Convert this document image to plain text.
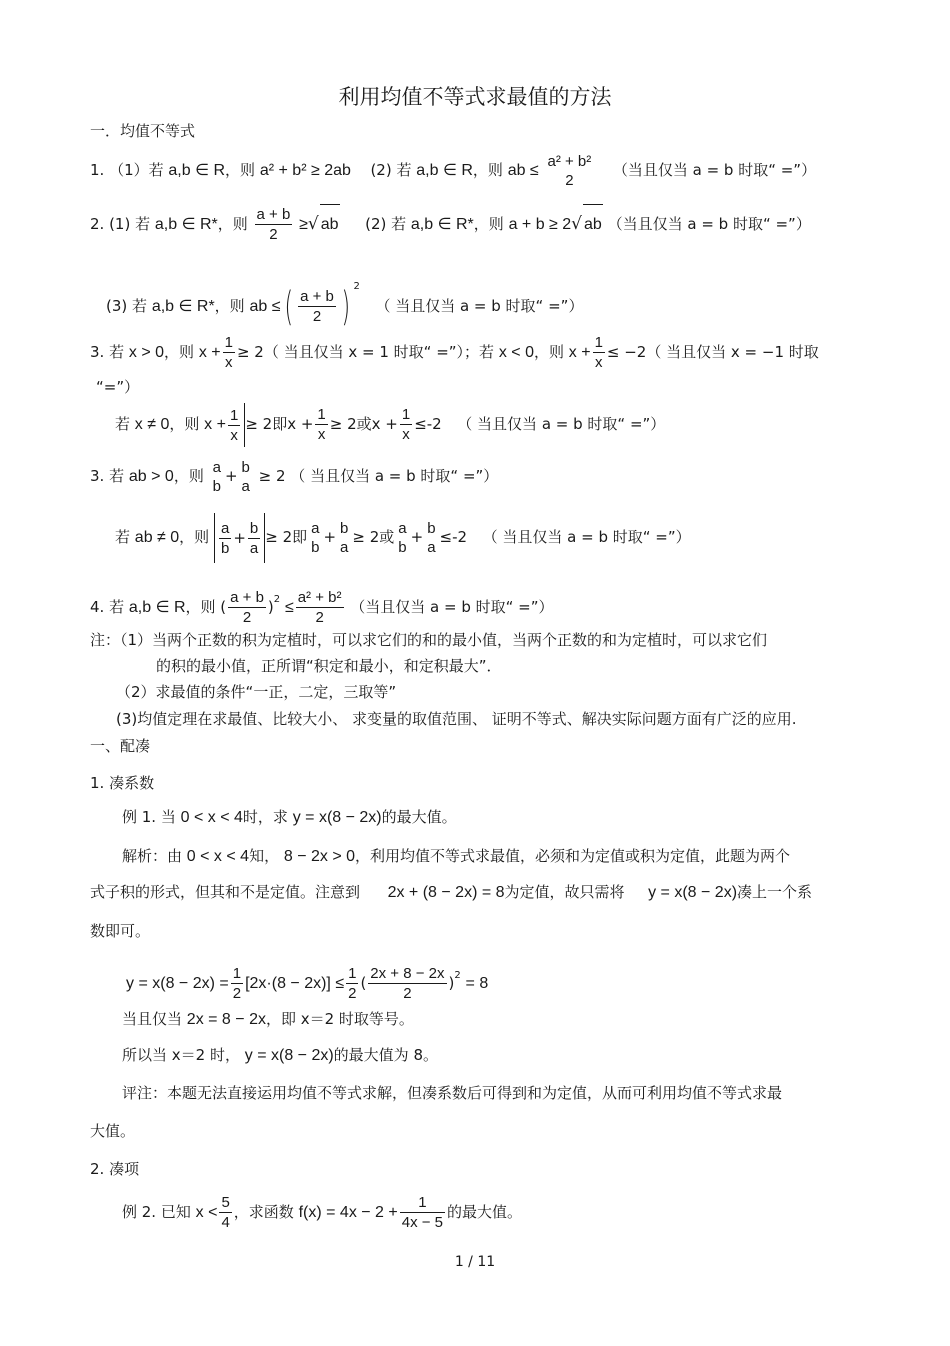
利用均值不等式求最值的方法
一．均值不等式
1. （1）若 a,b ∈ R，则 a² + b² ≥ 2ab (2) 若 a,b ∈ R，则 ab ≤
a² + b²
2
（当且仅当 a = b 时取“ =”）
2. (1) 若 a,b ∈ R*，则 $\frac{a + b}{2}$ ≥√ ab (2) 若 a,b ∈ R*，则 a + b ≥ 2√ ab （当且仅当 a = b 时取“ =”）
(3) 若 a,b ∈ R*，则 ab ≤( $\frac{a + b}{2}$ ) $^2$  （ 当且仅当 a = b 时取“ =”）
3. 若 x > 0，则 $x + \frac{1}{x} \ge 2$（ 当且仅当 x = 1 时取“ =”）；若 x < 0，则 $x + \frac{1}{x} \le -2$（ 当且仅当 x = −1 时取
“=”）
若 x ≠ 0，则 $x + \frac{1}{x} \ge 2$即$x + \frac{1}{x} \ge 2$或$x + \frac{1}{x} \le-2$ （ 当且仅当 a = b 时取“ =”）
3. 若 ab > 0，则 a
b
+ b
a
≥ 2 （ 当且仅当 a = b 时取“ =”）
若 ab ≠ 0，则 $\frac{a}{b} + \frac{b}{a} \ge 2$即 a
b
+ b
a
≥ 2或 a
b
+ b
a
≤-2 （ 当且仅当 a = b 时取“ =”）
4. 若 a,b ∈ R，则 ( $\frac{a + b}{2} )^2 \le \frac{\text{a² + b²}}{2}$ （当且仅当 a = b 时取“ =”）
注：（1）当两个正数的积为定植时，可以求它们的和的最小值，当两个正数的和为定植时，可以求它们
的积的最小值，正所谓“积定和最小，和定积最大”．
（2）求最值的条件“一正，二定，三取等”
(3)均值定理在求最值、比较大小、 求变量的取值范围、 证明不等式、解决实际问题方面有广泛的应用.
一、配凑
1. 凑系数
例 1. 当 0 < x < 4时，求 y = x(8 − 2x)的最大值。
解析：由 0 < x < 4知， 8 − 2x > 0，利用均值不等式求最值，必须和为定值或积为定值，此题为两个
式子积的形式，但其和不是定值。注意到 2x + (8 − 2x) = 8为定值，故只需将 y = x(8 − 2x)凑上一个系
数即可。
$y = x(8 - 2x) = \frac{1}{2} [2x\cdot(8 - 2x)] \le \frac{1}{2}$ ( $\frac{2x + 8 - 2x}{2} )^2 = 8$
当且仅当 2x = 8 − 2x，即 x＝2 时取等号。
所以当 x＝2 时， y = x(8 − 2x)的最大值为 8。
评注：本题无法直接运用均值不等式求解，但凑系数后可得到和为定值，从而可利用均值不等式求最
大值。
2. 凑项
例 2. 已知 $x < \frac{5}{4}$ ，求函数 $f(x) = 4x - 2 + \frac{1}{4x - 5}$ 的最大值。
1 / 11
